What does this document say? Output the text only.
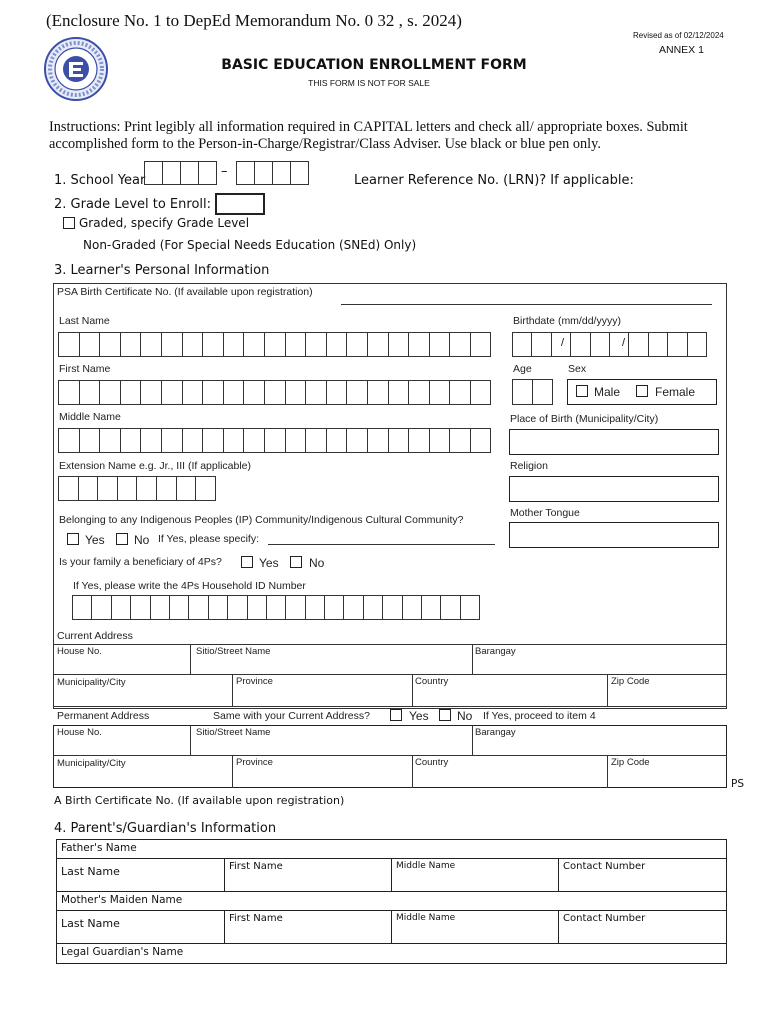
(Enclosure No. 1 to DepEd Memorandum No. 0 32 , s. 2024)
Revised as of 02/12/2024
ANNEX 1
BASIC EDUCATION ENROLLMENT FORM
THIS FORM IS NOT FOR SALE
Instructions: Print legibly all information required in CAPITAL letters and check all/ appropriate boxes. Submit accomplished form to the Person-in-Charge/Registrar/Class Adviser. Use black or blue pen only.
1. School Year
–
Learner Reference No. (LRN)? If applicable:
2. Grade Level to Enroll:
Graded, specify Grade Level
Non-Graded (For Special Needs Education (SNEd) Only)
3. Learner's Personal Information
PSA Birth Certificate No. (If available upon registration)
Last Name	Birthdate (mm/dd/yyyy)
/	/
First Name	Age	Sex
Male	Female
Middle Name	Place of Birth (Municipality/City)
Extension Name e.g. Jr., III (If applicable)	Religion
Belonging to any Indigenous Peoples (IP) Community/Indigenous Cultural Community?
Mother Tongue
Yes No If Yes, please specify:
Is your family a beneficiary of 4Ps?	Yes	No
If Yes, please write the 4Ps Household ID Number
Current Address
House No.	Sitio/Street Name	Barangay
Municipality/City	Province	Country	Zip Code
Permanent Address	Same with your Current Address?	Yes No If Yes, proceed to item 4
House No.	Sitio/Street Name	Barangay
Municipality/City	Province	Country	Zip Code
PS
A Birth Certificate No. (If available upon registration)
4. Parent's/Guardian's Information
Father's Name			
Last Name	First Name	Middle Name	Contact Number
Mother's Maiden Name			
Last Name	First Name	Middle Name	Contact Number
Legal Guardian's Name			
